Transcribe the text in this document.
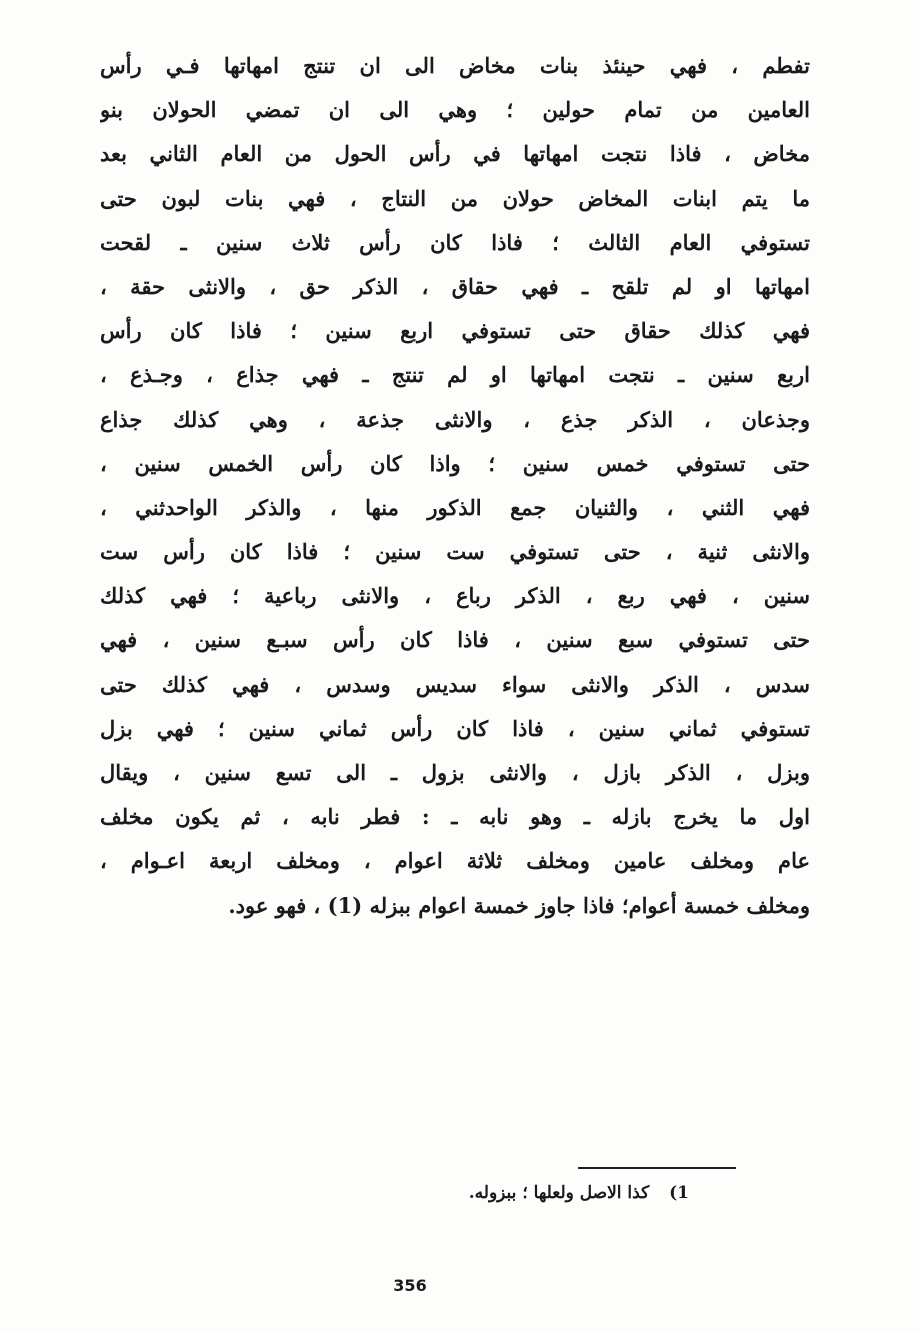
تفطم ، فهي حينئذ بنات مخاض الى ان تنتج امهاتها فـي رأس
العامين من تمام حولين ؛ وهي الى ان تمضي الحولان بنو
مخاض ، فاذا نتجت امهاتها في رأس الحول من العام الثاني بعد
ما يتم ابنات المخاض حولان من النتاج ، فهي بنات لبون حتى
تستوفي العام الثالث ؛ فاذا كان رأس ثلاث سنين ـ لقحت
امهاتها او لم تلقح ـ فهي حقاق ، الذكر حق ، والانثى حقة ،
فهي كذلك حقاق حتى تستوفي اربع سنين ؛ فاذا كان رأس
اربع سنين ـ نتجت امهاتها او لم تنتج ـ فهي جذاع ، وجـذع ،
وجذعان ، الذكر جذع ، والانثى جذعة ، وهي كذلك جذاع
حتى تستوفي خمس سنين ؛ واذا كان رأس الخمس سنين ،
فهي الثني ، والثنيان جمع الذكور منها ، والذكر الواحدثني ،
والانثى ثنية ، حتى تستوفي ست سنين ؛ فاذا كان رأس ست
سنين ، فهي ربع ، الذكر رباع ، والانثى رباعية ؛ فهي كذلك
حتى تستوفي سبع سنين ، فاذا كان رأس سبـع سنين ، فهي
سدس ، الذكر والانثى سواء سديس وسدس ، فهي كذلك حتى
تستوفي ثماني سنين ، فاذا كان رأس ثماني سنين ؛ فهي بزل
وبزل ، الذكر بازل ، والانثى بزول ـ الى تسع سنين ، ويقال
اول ما يخرج بازله ـ وهو نابه ـ : فطر نابه ، ثم يكون مخلف
عام ومخلف عامين ومخلف ثلاثة اعوام ، ومخلف اربعة اعـوام ،
ومخلف خمسة أعوام؛ فاذا جاوز خمسة اعوام ببزله (1) ، فهو عود.
1) كذا الاصل ولعلها ؛ ببزوله.
356
